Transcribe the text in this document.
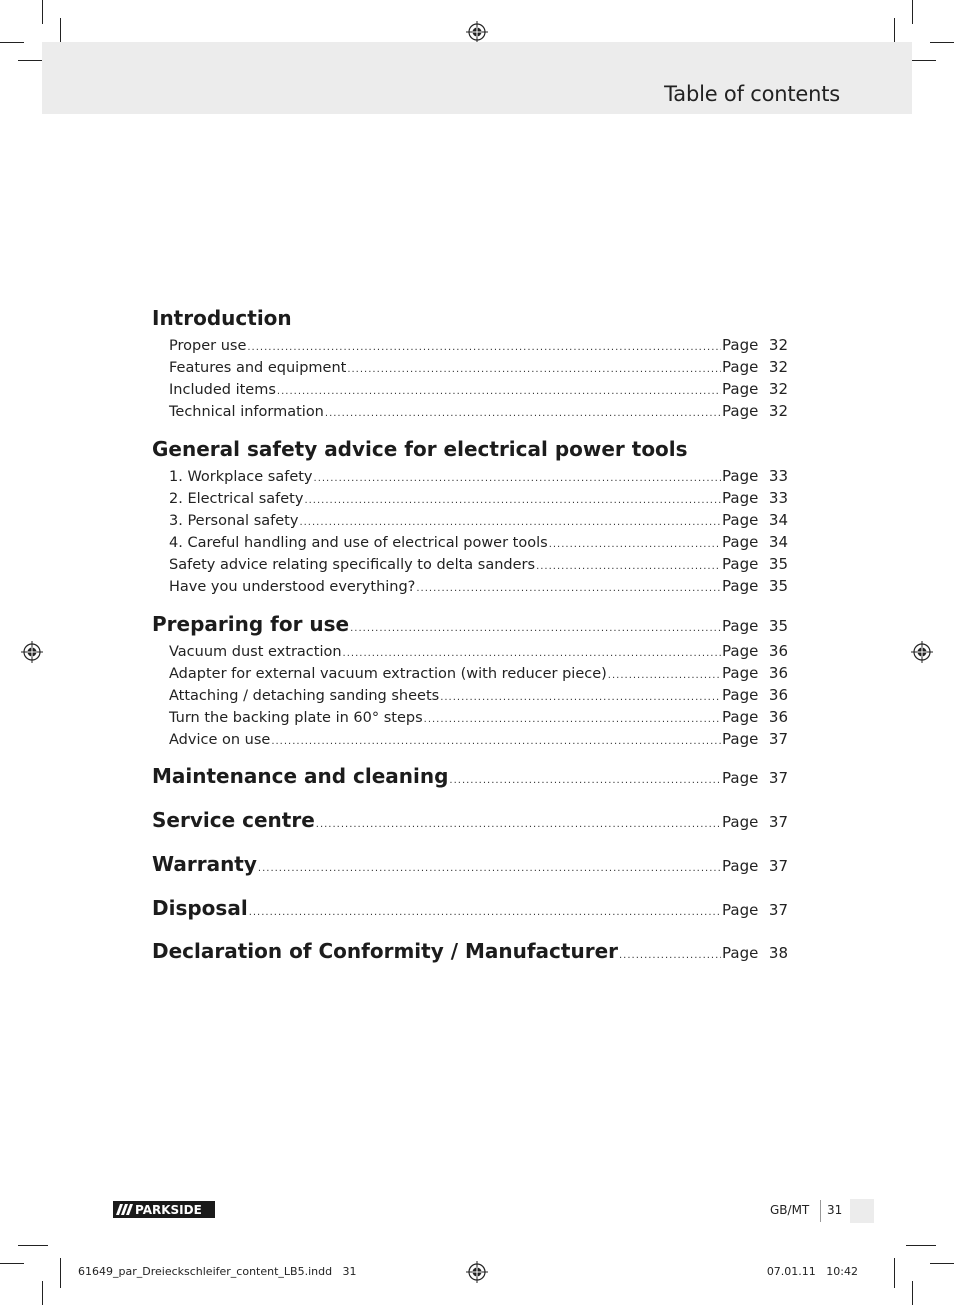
Table of contents
Introduction
Proper use .....	Page 32
Features and equipment .....	Page 32
Included items .....	Page 32
Technical information .....	Page 32
General safety advice for electrical power tools
1. Workplace safety .....	Page 33
2. Electrical safety .....	Page 33
3. Personal safety .....	Page 34
4. Careful handling and use of electrical power tools .....	Page 34
Safety advice relating specifically to delta sanders .....	Page 35
Have you understood everything? .....	Page 35
Preparing for use .....	Page 35
Vacuum dust extraction .....	Page 36
Adapter for external vacuum extraction (with reducer piece) .....	Page 36
Attaching / detaching sanding sheets .....	Page 36
Turn the backing plate in 60° steps .....	Page 36
Advice on use .....	Page 37
Maintenance and cleaning .....	Page 37
Service centre .....	Page 37
Warranty .....	Page 37
Disposal .....	Page 37
Declaration of Conformity / Manufacturer .....	Page 38
PARKSIDE	GB/MT 31
61649_par_Dreieckschleifer_content_LB5.indd   31	07.01.11   10:42
